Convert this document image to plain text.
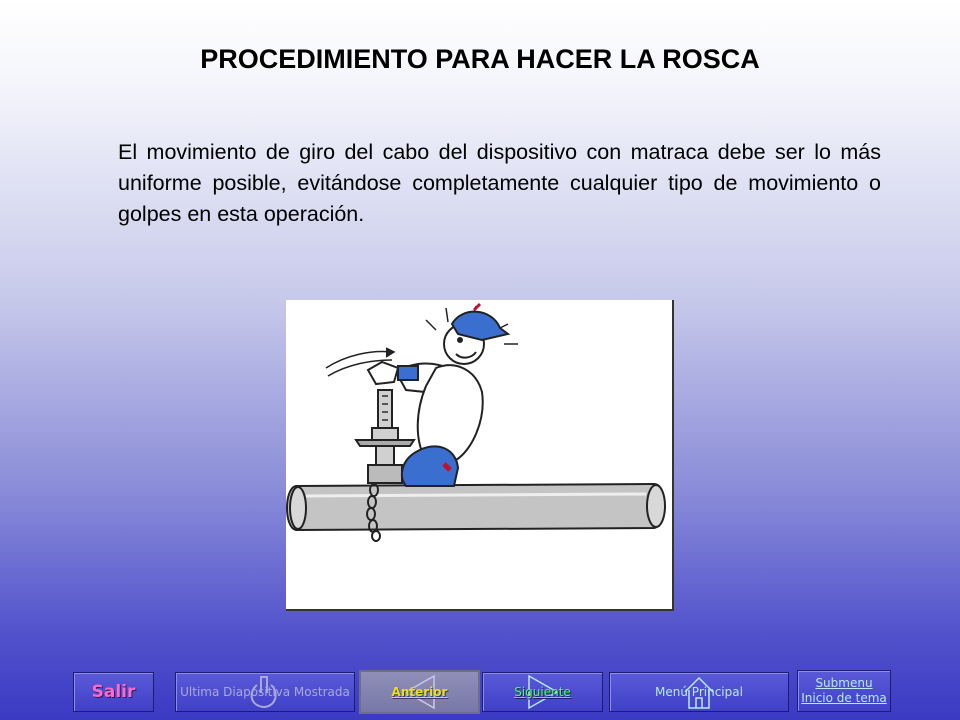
PROCEDIMIENTO PARA HACER LA ROSCA
El movimiento de giro del cabo del dispositivo con matraca debe ser lo más uniforme posible, evitándose completamente cualquier tipo de movimiento o golpes en esta operación.
Salir	Ultima Diapositiva Mostrada	Anterior	Siguiente	Menú Principal
Submenu
Inicio de tema
